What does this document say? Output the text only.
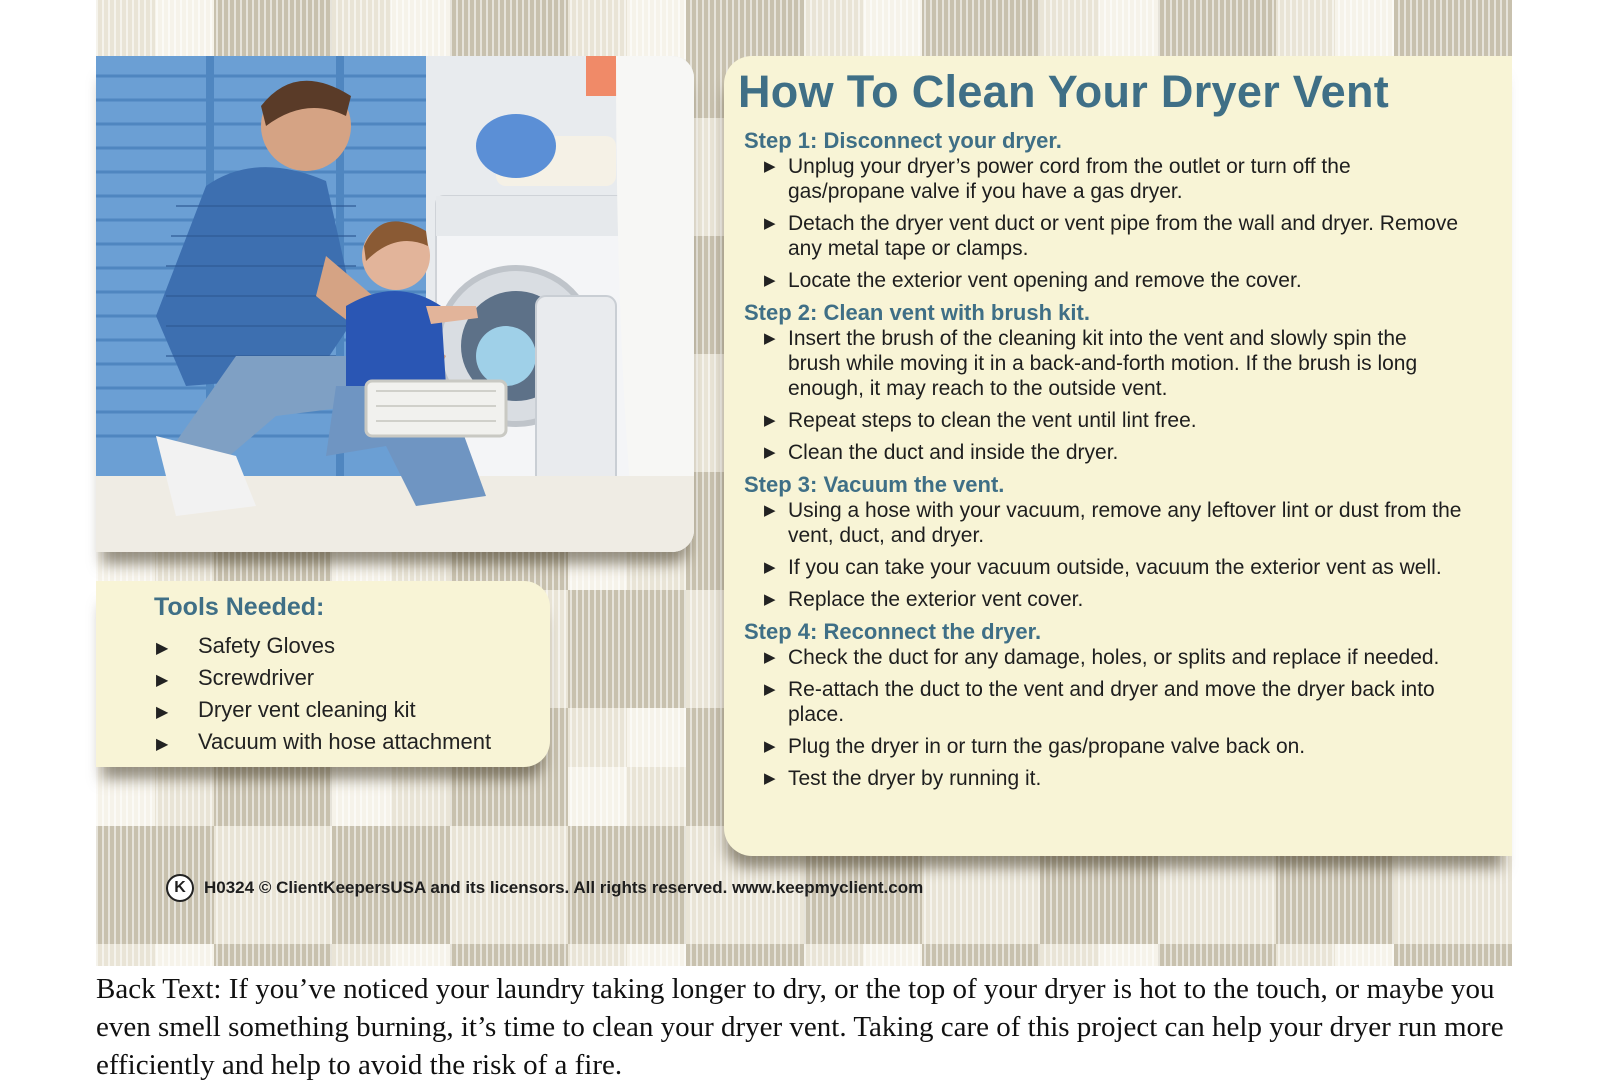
Tools Needed:
▶ Safety Gloves
▶ Screwdriver
▶ Dryer vent cleaning kit
▶ Vacuum with hose attachment
How To Clean Your Dryer Vent
Step 1: Disconnect your dryer.
▶ Unplug your dryer’s power cord from the outlet or turn off the gas/propane valve if you have a gas dryer.
▶ Detach the dryer vent duct or vent pipe from the wall and dryer. Remove any metal tape or clamps.
▶ Locate the exterior vent opening and remove the cover.
Step 2: Clean vent with brush kit.
▶ Insert the brush of the cleaning kit into the vent and slowly spin the brush while moving it in a back-and-forth motion. If the brush is long enough, it may reach to the outside vent.
▶ Repeat steps to clean the vent until lint free.
▶ Clean the duct and inside the dryer.
Step 3: Vacuum the vent.
▶ Using a hose with your vacuum, remove any leftover lint or dust from the vent, duct, and dryer.
▶ If you can take your vacuum outside, vacuum the exterior vent as well.
▶ Replace the exterior vent cover.
Step 4: Reconnect the dryer.
▶ Check the duct for any damage, holes, or splits and replace if needed.
▶ Re-attach the duct to the vent and dryer and move the dryer back into place.
▶ Plug the dryer in or turn the gas/propane valve back on.
▶ Test the dryer by running it.
K	H0324 © ClientKeepersUSA and its licensors. All rights reserved. www.keepmyclient.com
Back Text: If you’ve noticed your laundry taking longer to dry, or the top of your dryer is hot to the touch, or maybe you even smell something burning, it’s time to clean your dryer vent. Taking care of this project can help your dryer run more efficiently and help to avoid the risk of a fire.
